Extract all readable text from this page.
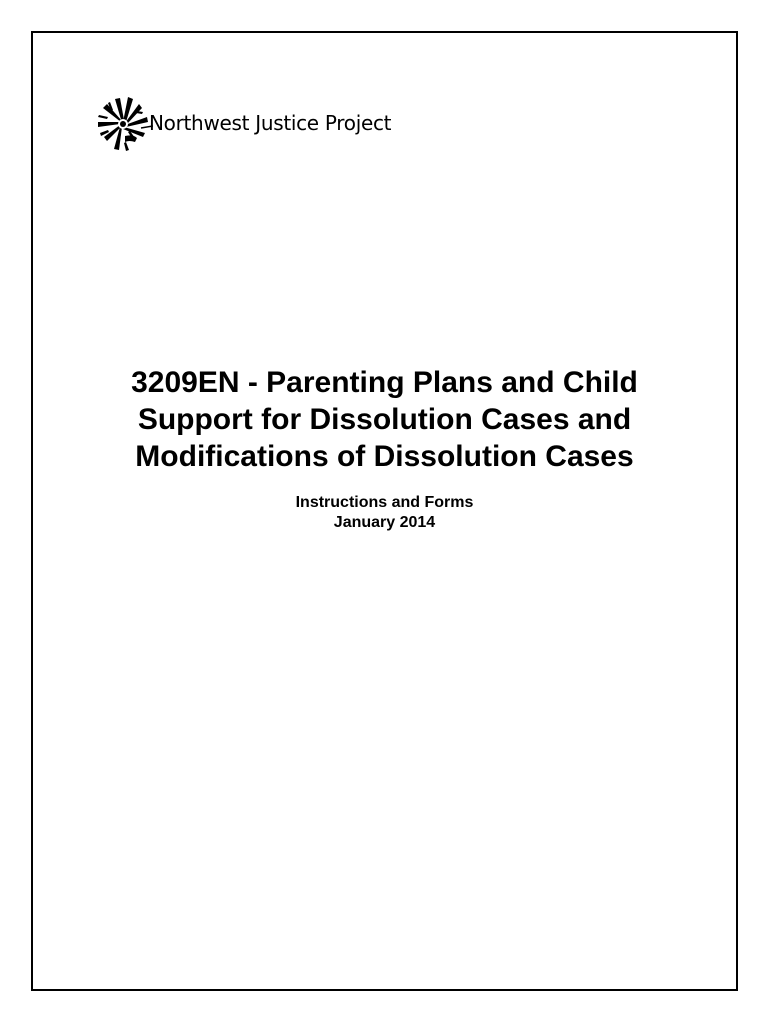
Northwest Justice Project
3209EN - Parenting Plans and Child
Support for Dissolution Cases and
Modifications of Dissolution Cases
Instructions and Forms
January 2014
